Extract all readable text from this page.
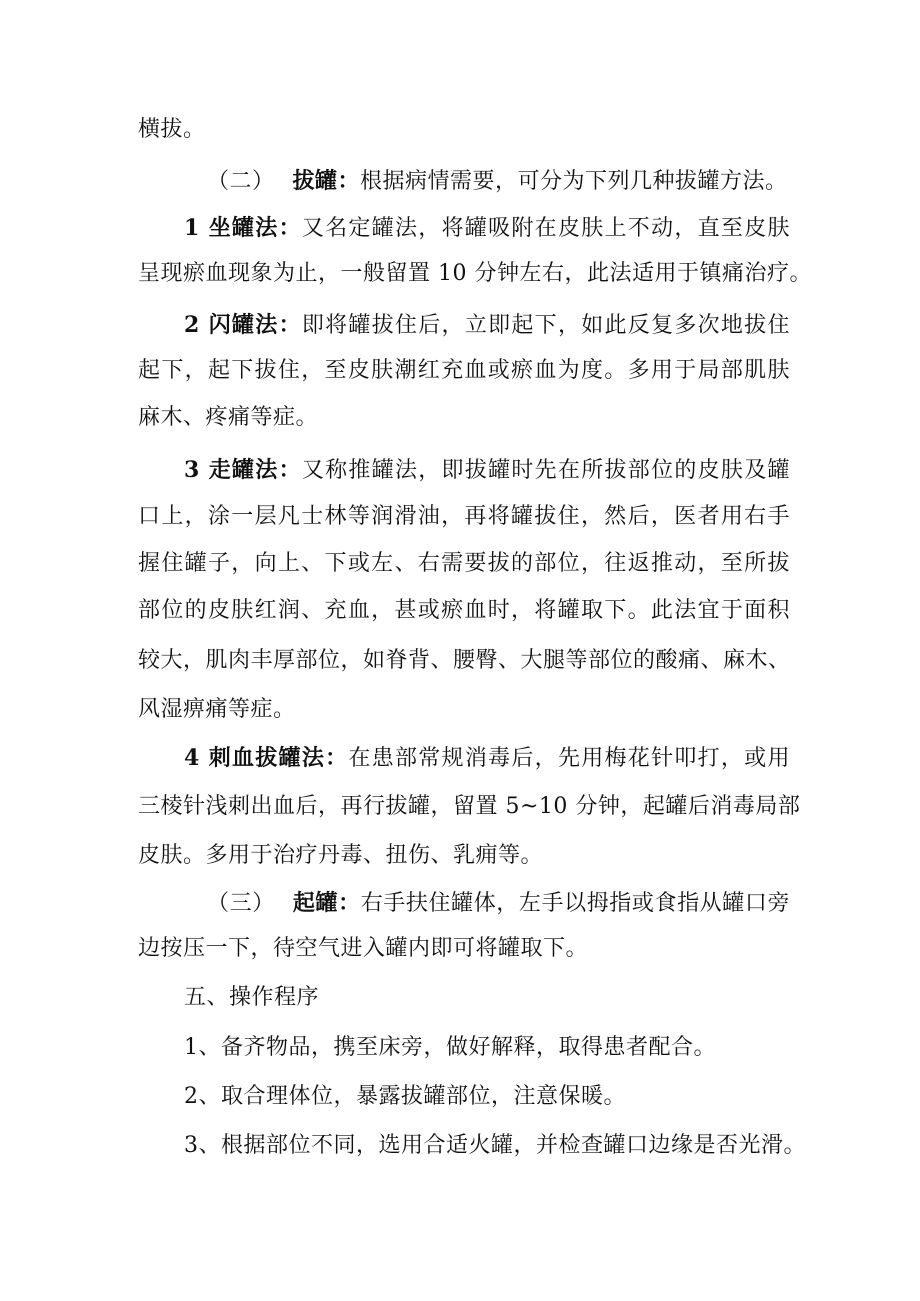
横拔。
（二） 拔罐：根据病情需要，可分为下列几种拔罐方法。
1 坐罐法：又名定罐法，将罐吸附在皮肤上不动，直至皮肤
呈现瘀血现象为止，一般留置 10 分钟左右，此法适用于镇痛治疗。
2 闪罐法：即将罐拔住后，立即起下，如此反复多次地拔住
起下，起下拔住，至皮肤潮红充血或瘀血为度。多用于局部肌肤
麻木、疼痛等症。
3 走罐法：又称推罐法，即拔罐时先在所拔部位的皮肤及罐
口上，涂一层凡士林等润滑油，再将罐拔住，然后，医者用右手
握住罐子，向上、下或左、右需要拔的部位，往返推动，至所拔
部位的皮肤红润、充血，甚或瘀血时，将罐取下。此法宜于面积
较大，肌肉丰厚部位，如脊背、腰臀、大腿等部位的酸痛、麻木、
风湿痹痛等症。
4 刺血拔罐法：在患部常规消毒后，先用梅花针叩打，或用
三棱针浅刺出血后，再行拔罐，留置 5~10 分钟，起罐后消毒局部
皮肤。多用于治疗丹毒、扭伤、乳痈等。
（三） 起罐：右手扶住罐体，左手以拇指或食指从罐口旁
边按压一下，待空气进入罐内即可将罐取下。
五、操作程序
1、备齐物品，携至床旁，做好解释，取得患者配合。
2、取合理体位，暴露拔罐部位，注意保暖。
3、根据部位不同，选用合适火罐，并检查罐口边缘是否光滑。
